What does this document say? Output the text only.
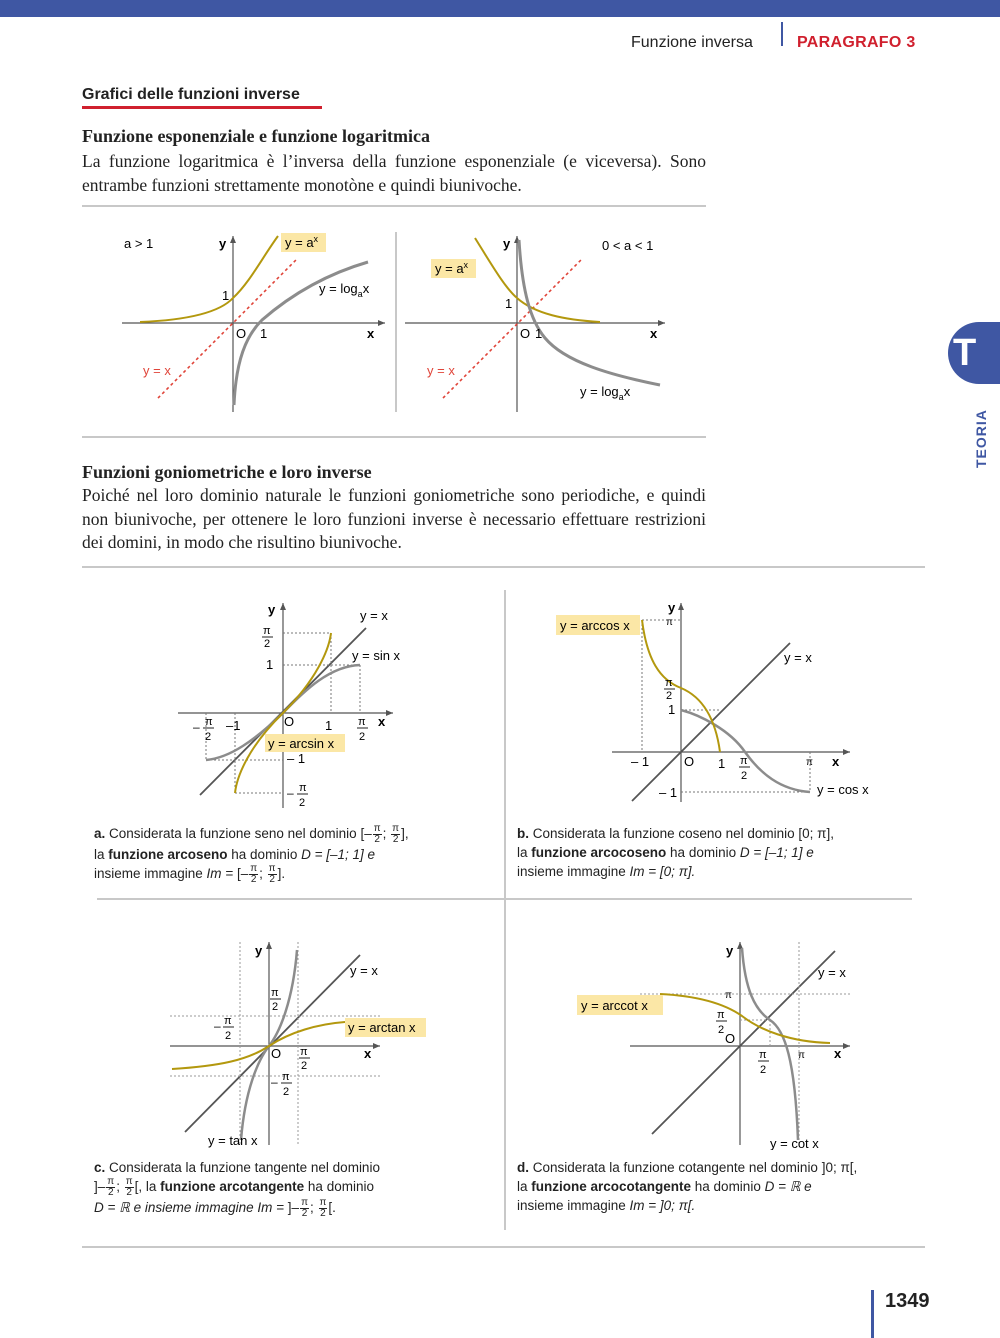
Funzione inversa	PARAGRAFO 3
Grafici delle funzioni inverse
Funzione esponenziale e funzione logaritmica
La funzione logaritmica è l’inversa della funzione esponenziale (e viceversa). Sono entrambe funzioni strettamente monotòne e quindi biunivoche.
a > 1	y
x
O 1
1
$y = a^x$
$y = \log_ax$
y = x
0 < a < 1
y
x
O 1
1
$y = a^x$
$y = \log_ax$
y = x
Funzioni goniometriche e loro inverse
Poiché nel loro dominio naturale le funzioni goniometriche sono periodiche, e quindi non biunivoche, per ottenere le loro funzioni inverse è necessario effettuare restrizioni dei domini, in modo che risultino biunivoche.
y
x
O
y = x
y = sin x
y = arcsin x
1
1
–1
– 1
π
2
π
2
– π
2
– π
2
y
x
O
y = x
y = cos x
y = arccos x
1
1
– 1
– 1
π
π
2
π
2
π
a. Considerata la funzione seno nel dominio [– $\frac{\pi}{2}$ ; $\frac{\pi}{2}$ ],
la funzione arcoseno ha dominio D = [–1; 1] e
insieme immagine Im = [– $\frac{\pi}{2}$ ; $\frac{\pi}{2}$ ].
b. Considerata la funzione coseno nel dominio [0; π],
la funzione arcocoseno ha dominio D = [–1; 1] e
insieme immagine Im = [0; π].
y
x
O
y = x
y = tan x
y = arctan x
π
2
– π
2
π
2
– π
2
y
x
O
y = x
y = cot x
y = arccot x
π
π
2
π
2
π
c. Considerata la funzione tangente nel dominio
]– $\frac{\pi}{2}$ ; $\frac{\pi}{2}$ [, la funzione arcotangente ha dominio
D = ℝ e insieme immagine Im = ]– $\frac{\pi}{2}$ ; $\frac{\pi}{2}$ [.
d. Considerata la funzione cotangente nel dominio ]0; π[,
la funzione arcocotangente ha dominio D = ℝ e
insieme immagine Im = ]0; π[.
T
TEORIA
1349
